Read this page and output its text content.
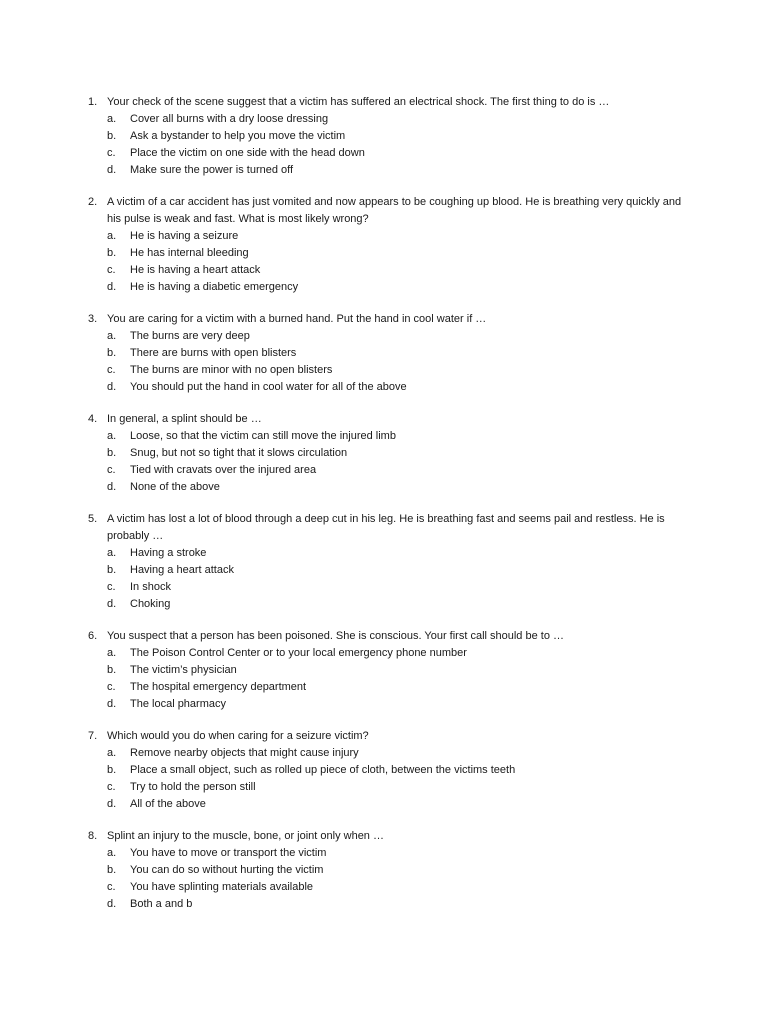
1. Your check of the scene suggest that a victim has suffered an electrical shock. The first thing to do is …
a. Cover all burns with a dry loose dressing
b. Ask a bystander to help you move the victim
c. Place the victim on one side with the head down
d. Make sure the power is turned off
2. A victim of a car accident has just vomited and now appears to be coughing up blood. He is breathing very quickly and his pulse is weak and fast. What is most likely wrong?
a. He is having a seizure
b. He has internal bleeding
c. He is having a heart attack
d. He is having a diabetic emergency
3. You are caring for a victim with a burned hand. Put the hand in cool water if …
a. The burns are very deep
b. There are burns with open blisters
c. The burns are minor with no open blisters
d. You should put the hand in cool water for all of the above
4. In general, a splint should be …
a. Loose, so that the victim can still move the injured limb
b. Snug, but not so tight that it slows circulation
c. Tied with cravats over the injured area
d. None of the above
5. A victim has lost a lot of blood through a deep cut in his leg. He is breathing fast and seems pail and restless. He is probably …
a. Having a stroke
b. Having a heart attack
c. In shock
d. Choking
6. You suspect that a person has been poisoned. She is conscious. Your first call should be to …
a. The Poison Control Center or to your local emergency phone number
b. The victim’s physician
c. The hospital emergency department
d. The local pharmacy
7. Which would you do when caring for a seizure victim?
a. Remove nearby objects that might cause injury
b. Place a small object, such as rolled up piece of cloth, between the victims teeth
c. Try to hold the person still
d. All of the above
8. Splint an injury to the muscle, bone, or joint only when …
a. You have to move or transport the victim
b. You can do so without hurting the victim
c. You have splinting materials available
d. Both a and b
